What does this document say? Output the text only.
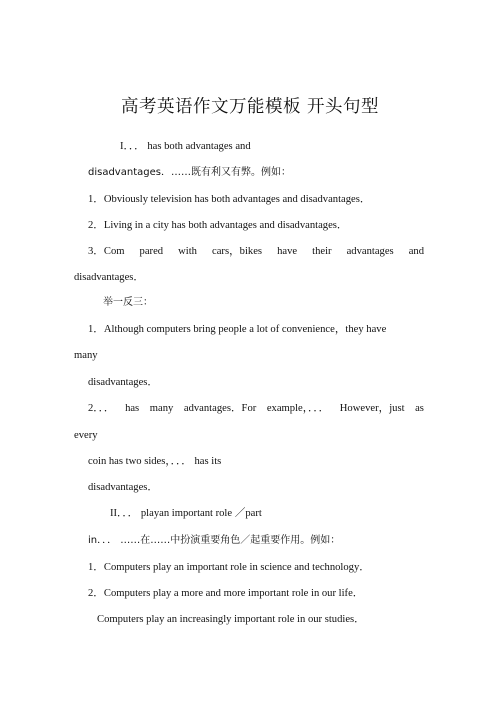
高考英语作文万能模板 开头句型
I．．． has both advantages and
disadvantages．……既有利又有弊。例如：
1．Obviously television has both advantages and disadvantages．
2．Living in a city has both advantages and disadvantages．
3．Com pared with cars，bikes have their advantages and
disadvantages．
举一反三：
1．Although computers bring people a lot of convenience，they have
many
disadvantages．
2．．． has many advantages．For example，．．． However，just as
every
coin has two sides，．．． has its
disadvantages．
II．．． playan important role ／part
in．．． ……在……中扮演重要角色／起重要作用。例如：
1．Computers play an important role in science and technology．
2．Computers play a more and more important role in our life．
Computers play an increasingly important role in our studies．
